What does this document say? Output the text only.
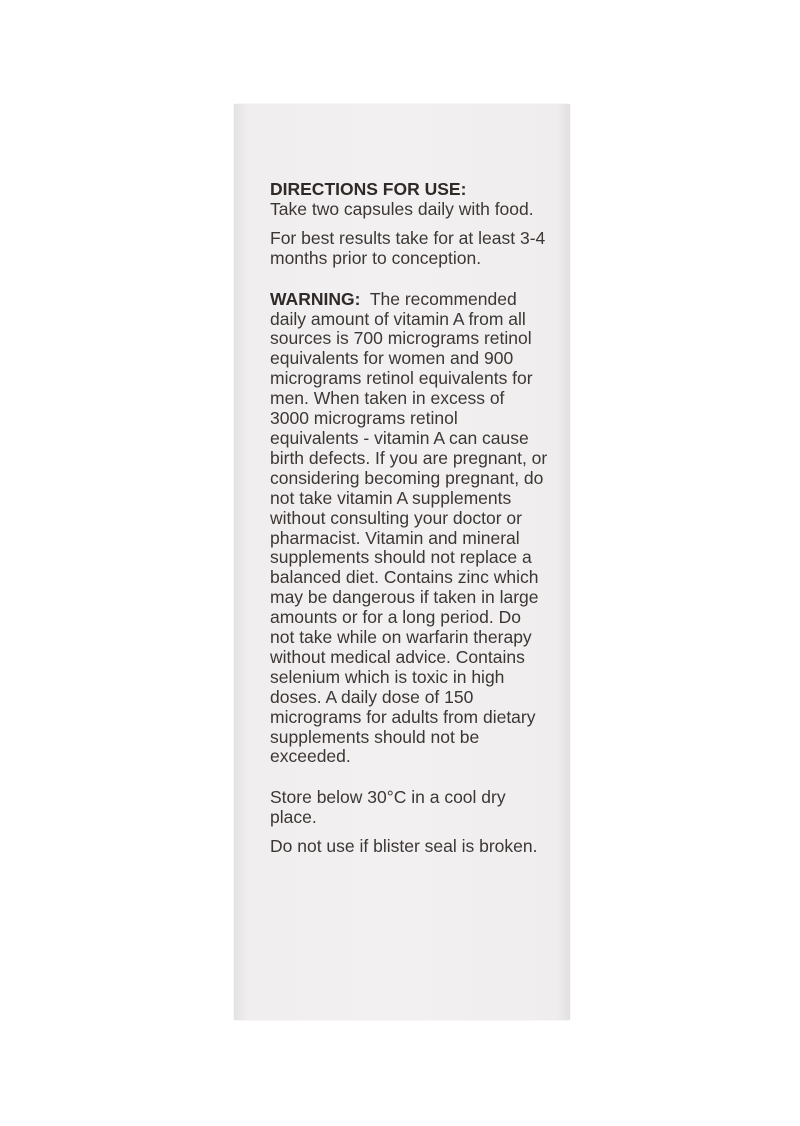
DIRECTIONS FOR USE:

Take two capsules daily with food.

For best results take for at least 3-4 months prior to conception.

WARNING: The recommended daily amount of vitamin A from all sources is 700 micrograms retinol equivalents for women and 900 micrograms retinol equivalents for men. When taken in excess of 3000 micrograms retinol equivalents - vitamin A can cause birth defects. If you are pregnant, or considering becoming pregnant, do not take vitamin A supplements without consulting your doctor or pharmacist. Vitamin and mineral supplements should not replace a balanced diet. Contains zinc which may be dangerous if taken in large amounts or for a long period. Do not take while on warfarin therapy without medical advice. Contains selenium which is toxic in high doses. A daily dose of 150 micrograms for adults from dietary supplements should not be exceeded.

Store below 30°C in a cool dry place.

Do not use if blister seal is broken.
